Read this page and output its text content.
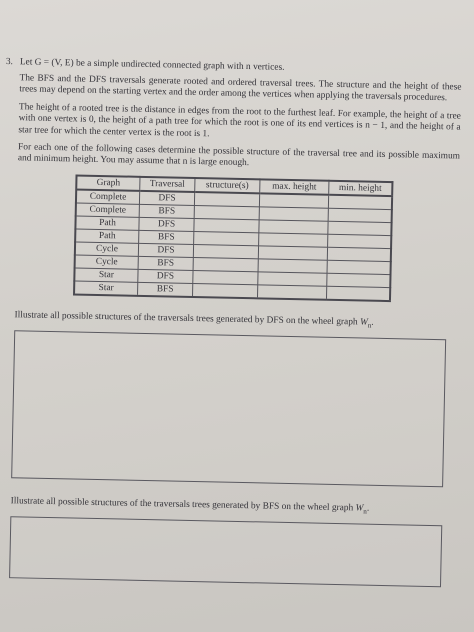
3. Let G = (V, E) be a simple undirected connected graph with n vertices.
The BFS and the DFS traversals generate rooted and ordered traversal trees. The structure and the height of these trees may depend on the starting vertex and the order among the vertices when applying the traversals procedures.
The height of a rooted tree is the distance in edges from the root to the furthest leaf. For example, the height of a tree with one vertex is 0, the height of a path tree for which the root is one of its end vertices is n − 1, and the height of a star tree for which the center vertex is the root is 1.
For each one of the following cases determine the possible structure of the traversal tree and its possible maximum and minimum height. You may assume that n is large enough.
Graph	Traversal	structure(s)	max. height	min. height
Complete	DFS			
Complete	BFS			
Path	DFS			
Path	BFS			
Cycle	DFS			
Cycle	BFS			
Star	DFS			
Star	BFS			
Illustrate all possible structures of the traversals trees generated by DFS on the wheel graph $W_n$.
Illustrate all possible structures of the traversals trees generated by BFS on the wheel graph $W_n$.
